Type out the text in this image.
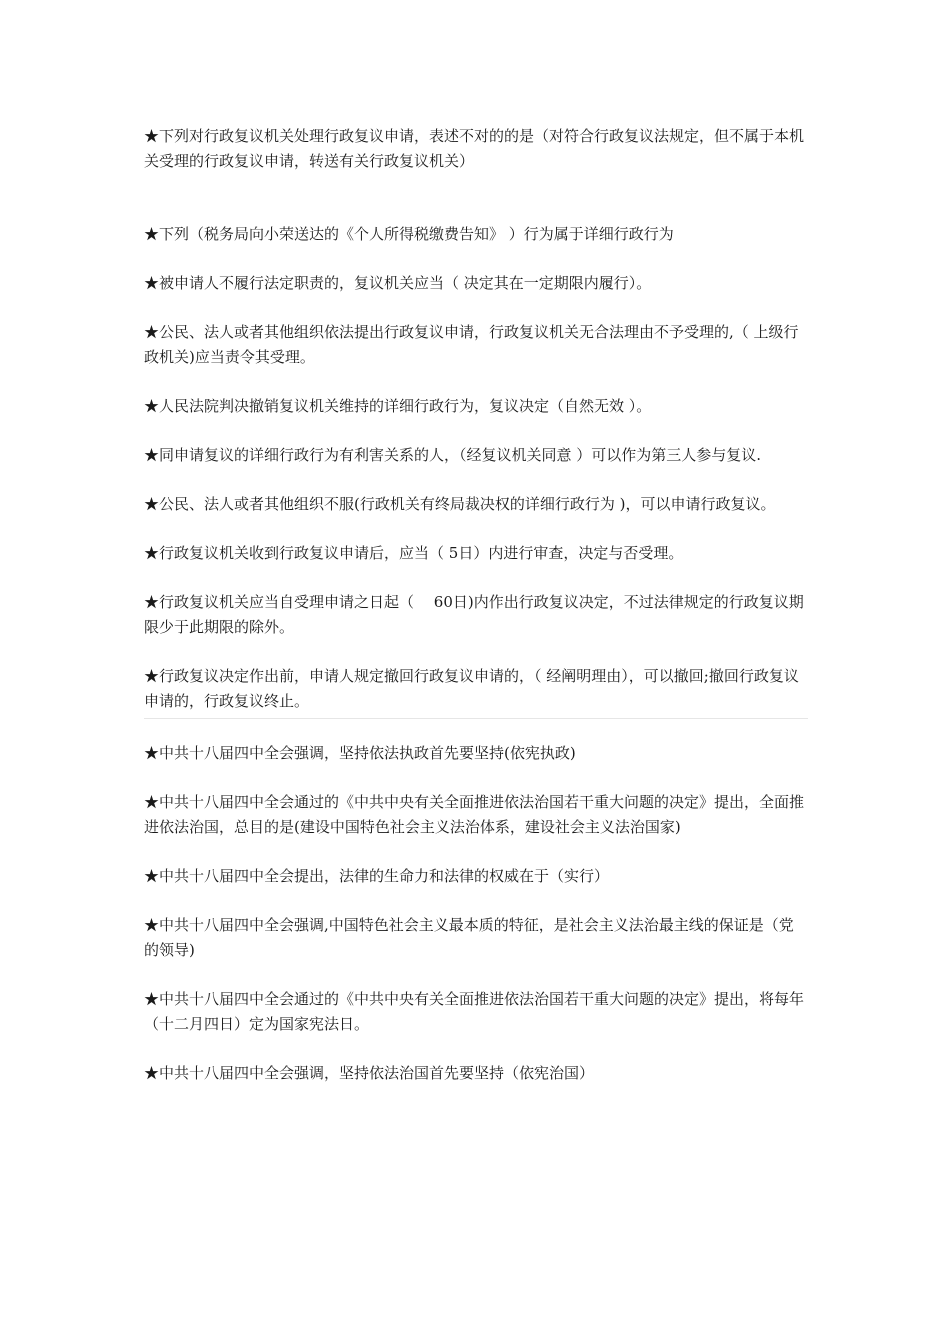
★下列对行政复议机关处理行政复议申请，表述不对的的是（对符合行政复议法规定，但不属于本机关受理的行政复议申请，转送有关行政复议机关）

★下列（税务局向小荣送达的《个人所得税缴费告知》 ）行为属于详细行政行为

★被申请人不履行法定职责的，复议机关应当（ 决定其在一定期限内履行）。

★公民、法人或者其他组织依法提出行政复议申请，行政复议机关无合法理由不予受理的,（ 上级行政机关)应当责令其受理。

★人民法院判决撤销复议机关维持的详细行政行为，复议决定（自然无效 ）。

★同申请复议的详细行政行为有利害关系的人，（经复议机关同意 ）可以作为第三人参与复议.

★公民、法人或者其他组织不服(行政机关有终局裁决权的详细行政行为 )，可以申请行政复议。

★行政复议机关收到行政复议申请后，应当（ 5日）内进行审查，决定与否受理。

★行政复议机关应当自受理申请之日起（　 60日)内作出行政复议决定，不过法律规定的行政复议期限少于此期限的除外。

★行政复议决定作出前，申请人规定撤回行政复议申请的，（ 经阐明理由），可以撤回;撤回行政复议申请的，行政复议终止。

★中共十八届四中全会强调，坚持依法执政首先要坚持(依宪执政)

★中共十八届四中全会通过的《中共中央有关全面推进依法治国若干重大问题的决定》提出，全面推进依法治国，总目的是(建设中国特色社会主义法治体系，建设社会主义法治国家)

★中共十八届四中全会提出，法律的生命力和法律的权威在于（实行）

★中共十八届四中全会强调,中国特色社会主义最本质的特征，是社会主义法治最主线的保证是（党的领导)

★中共十八届四中全会通过的《中共中央有关全面推进依法治国若干重大问题的决定》提出，将每年（十二月四日）定为国家宪法日。

★中共十八届四中全会强调，坚持依法治国首先要坚持（依宪治国）
